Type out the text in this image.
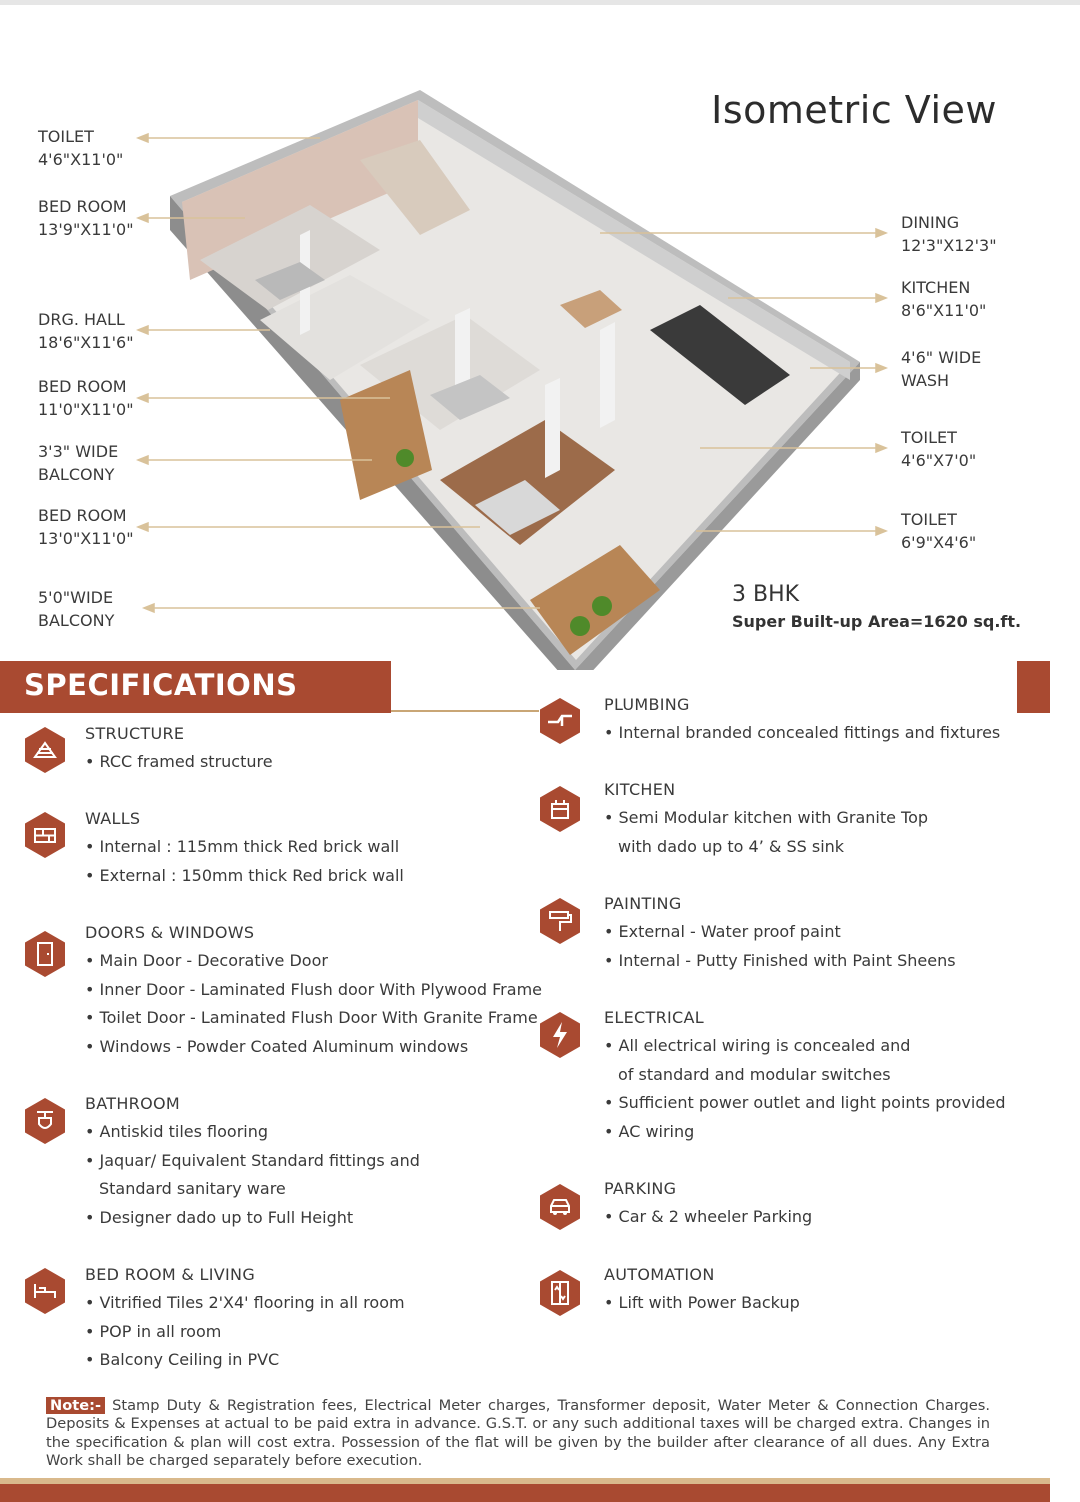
Isometric View
TOILET
4'6"X11'0"
BED ROOM
13'9"X11'0"
DRG. HALL
18'6"X11'6"
BED ROOM
11'0"X11'0"
3'3" WIDE
BALCONY
BED ROOM
13'0"X11'0"
5'0"WIDE
BALCONY
DINING
12'3"X12'3"
KITCHEN
8'6"X11'0"
4'6" WIDE
WASH
TOILET
4'6"X7'0"
TOILET
6'9"X4'6"
3 BHK
Super Built-up Area=1620 sq.ft.
SPECIFICATIONS
STRUCTURE
• RCC framed structure
WALLS
• Internal : 115mm thick Red brick wall
• External : 150mm thick Red brick wall
DOORS & WINDOWS
• Main Door - Decorative Door
• Inner Door - Laminated Flush door With Plywood Frame
• Toilet Door - Laminated Flush Door With Granite Frame
• Windows - Powder Coated Aluminum windows
BATHROOM
• Antiskid tiles flooring
• Jaquar/ Equivalent Standard fittings and
Standard sanitary ware
• Designer dado up to Full Height
BED ROOM & LIVING
• Vitrified Tiles 2'X4' flooring in all room
• POP in all room
• Balcony Ceiling in PVC
PLUMBING
• Internal branded concealed fittings and fixtures
KITCHEN
• Semi Modular kitchen with Granite Top
with dado up to 4’ & SS sink
PAINTING
• External - Water proof paint
• Internal - Putty Finished with Paint Sheens
ELECTRICAL
• All electrical wiring is concealed and
of standard and modular switches
• Sufficient power outlet and light points provided
• AC wiring
PARKING
• Car & 2 wheeler Parking
AUTOMATION
• Lift with Power Backup
Note:- Stamp Duty & Registration fees, Electrical Meter charges, Transformer deposit, Water Meter & Connection Charges. Deposits & Expenses at actual to be paid extra in advance. G.S.T. or any such additional taxes will be charged extra. Changes in the specification & plan will cost extra. Possession of the flat will be given by the builder after clearance of all dues. Any Extra Work shall be charged separately before execution.
